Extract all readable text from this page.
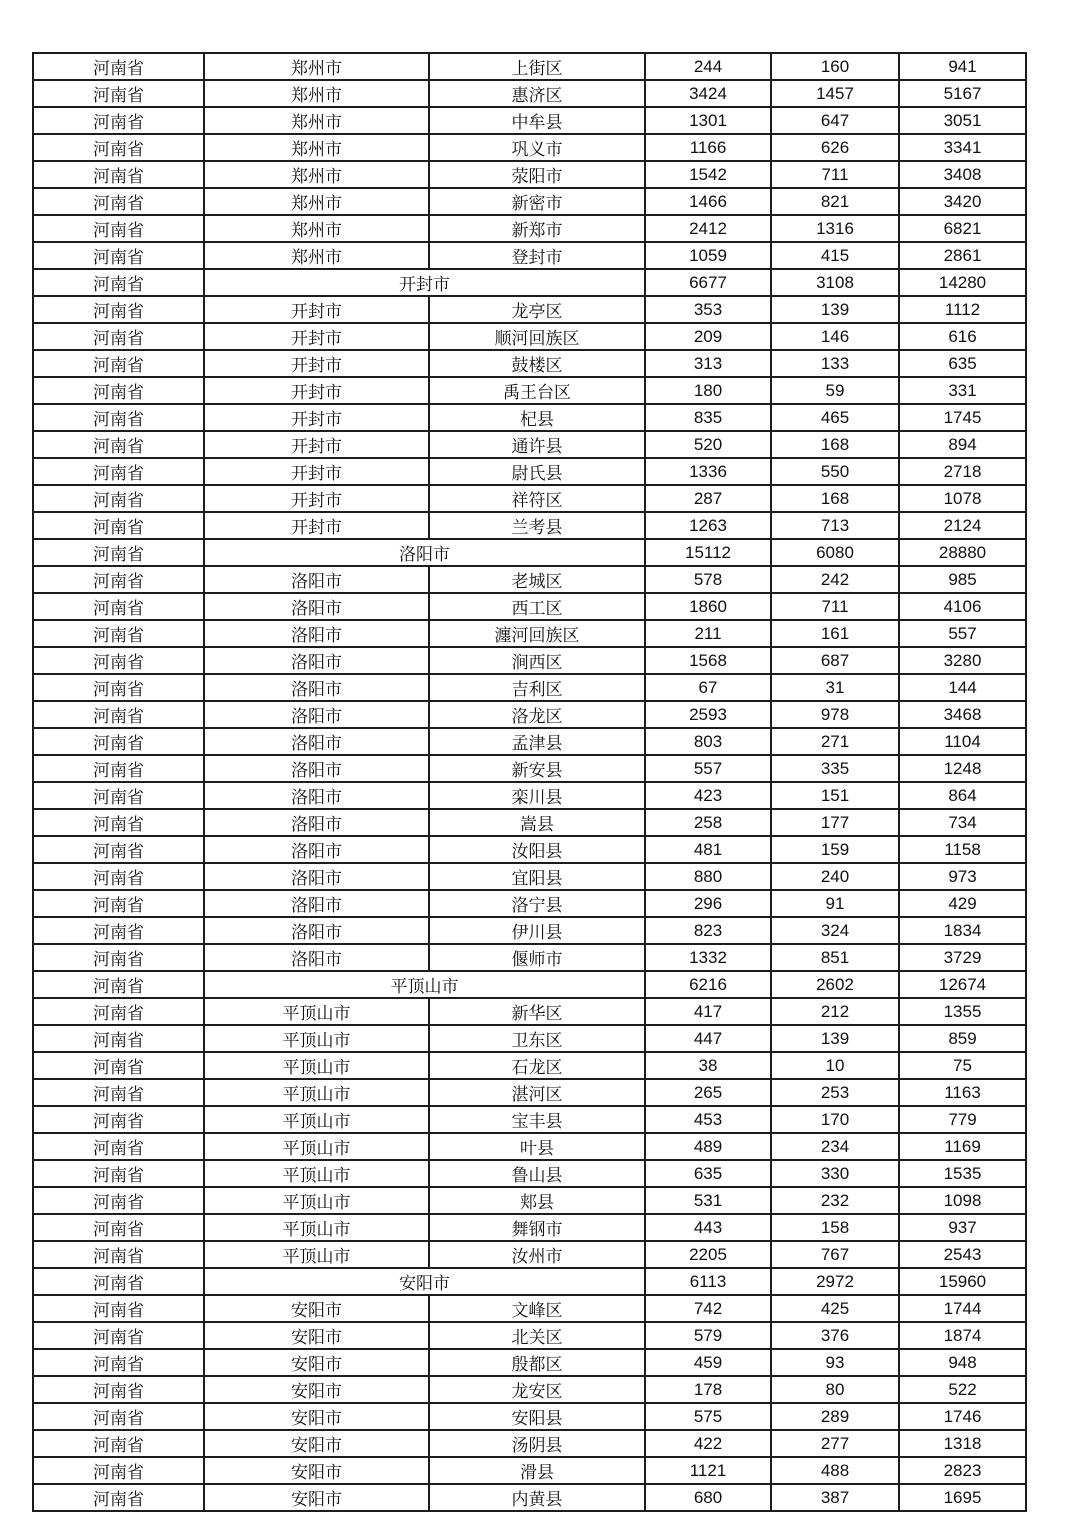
河南省	郑州市	上街区	244	160	941
河南省	郑州市	惠济区	3424	1457	5167
河南省	郑州市	中牟县	1301	647	3051
河南省	郑州市	巩义市	1166	626	3341
河南省	郑州市	荥阳市	1542	711	3408
河南省	郑州市	新密市	1466	821	3420
河南省	郑州市	新郑市	2412	1316	6821
河南省	郑州市	登封市	1059	415	2861
河南省	开封市		6677	3108	14280
河南省	开封市	龙亭区	353	139	1112
河南省	开封市	顺河回族区	209	146	616
河南省	开封市	鼓楼区	313	133	635
河南省	开封市	禹王台区	180	59	331
河南省	开封市	杞县	835	465	1745
河南省	开封市	通许县	520	168	894
河南省	开封市	尉氏县	1336	550	2718
河南省	开封市	祥符区	287	168	1078
河南省	开封市	兰考县	1263	713	2124
河南省	洛阳市		15112	6080	28880
河南省	洛阳市	老城区	578	242	985
河南省	洛阳市	西工区	1860	711	4106
河南省	洛阳市	瀍河回族区	211	161	557
河南省	洛阳市	涧西区	1568	687	3280
河南省	洛阳市	吉利区	67	31	144
河南省	洛阳市	洛龙区	2593	978	3468
河南省	洛阳市	孟津县	803	271	1104
河南省	洛阳市	新安县	557	335	1248
河南省	洛阳市	栾川县	423	151	864
河南省	洛阳市	嵩县	258	177	734
河南省	洛阳市	汝阳县	481	159	1158
河南省	洛阳市	宜阳县	880	240	973
河南省	洛阳市	洛宁县	296	91	429
河南省	洛阳市	伊川县	823	324	1834
河南省	洛阳市	偃师市	1332	851	3729
河南省	平顶山市		6216	2602	12674
河南省	平顶山市	新华区	417	212	1355
河南省	平顶山市	卫东区	447	139	859
河南省	平顶山市	石龙区	38	10	75
河南省	平顶山市	湛河区	265	253	1163
河南省	平顶山市	宝丰县	453	170	779
河南省	平顶山市	叶县	489	234	1169
河南省	平顶山市	鲁山县	635	330	1535
河南省	平顶山市	郏县	531	232	1098
河南省	平顶山市	舞钢市	443	158	937
河南省	平顶山市	汝州市	2205	767	2543
河南省	安阳市		6113	2972	15960
河南省	安阳市	文峰区	742	425	1744
河南省	安阳市	北关区	579	376	1874
河南省	安阳市	殷都区	459	93	948
河南省	安阳市	龙安区	178	80	522
河南省	安阳市	安阳县	575	289	1746
河南省	安阳市	汤阴县	422	277	1318
河南省	安阳市	滑县	1121	488	2823
河南省	安阳市	内黄县	680	387	1695
